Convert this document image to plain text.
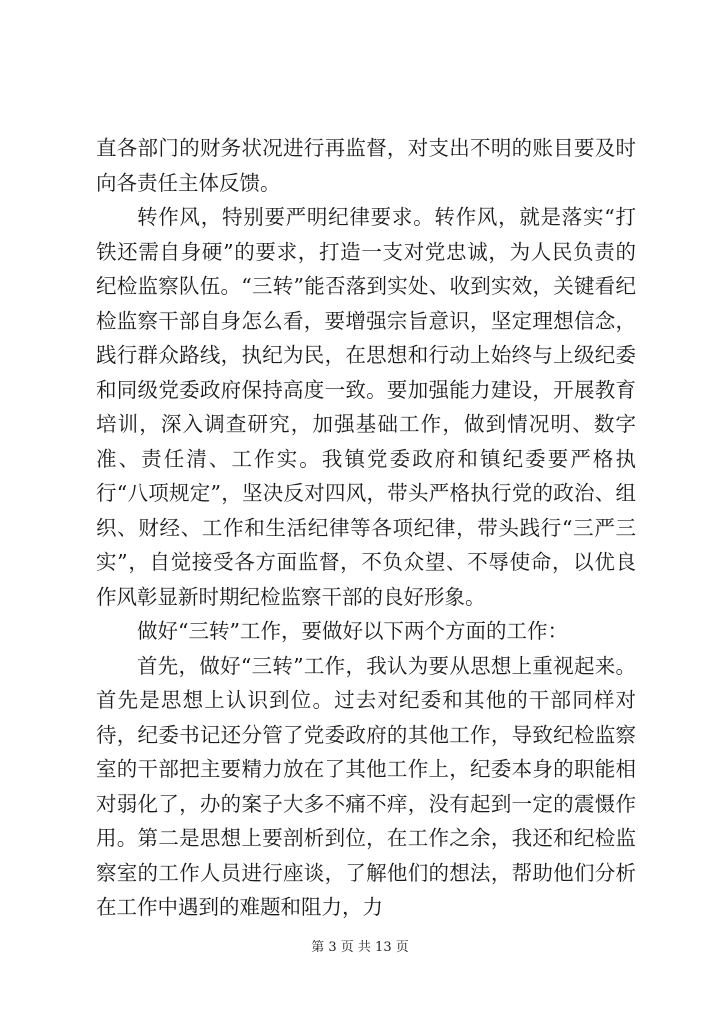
直各部门的财务状况进行再监督，对支出不明的账目要及时向各责任主体反馈。

转作风，特别要严明纪律要求。转作风，就是落实“打铁还需自身硬”的要求，打造一支对党忠诚，为人民负责的纪检监察队伍。“三转”能否落到实处、收到实效，关键看纪检监察干部自身怎么看，要增强宗旨意识，坚定理想信念，践行群众路线，执纪为民，在思想和行动上始终与上级纪委和同级党委政府保持高度一致。要加强能力建设，开展教育培训，深入调查研究，加强基础工作，做到情况明、数字准、责任清、工作实。我镇党委政府和镇纪委要严格执行“八项规定”，坚决反对四风，带头严格执行党的政治、组织、财经、工作和生活纪律等各项纪律，带头践行“三严三实”，自觉接受各方面监督，不负众望、不辱使命，以优良作风彰显新时期纪检监察干部的良好形象。

做好“三转”工作，要做好以下两个方面的工作：

首先，做好“三转”工作，我认为要从思想上重视起来。首先是思想上认识到位。过去对纪委和其他的干部同样对待，纪委书记还分管了党委政府的其他工作，导致纪检监察室的干部把主要精力放在了其他工作上，纪委本身的职能相对弱化了，办的案子大多不痛不痒，没有起到一定的震慑作用。第二是思想上要剖析到位，在工作之余，我还和纪检监察室的工作人员进行座谈，了解他们的想法，帮助他们分析在工作中遇到的难题和阻力，力

第 3 页 共 13 页
